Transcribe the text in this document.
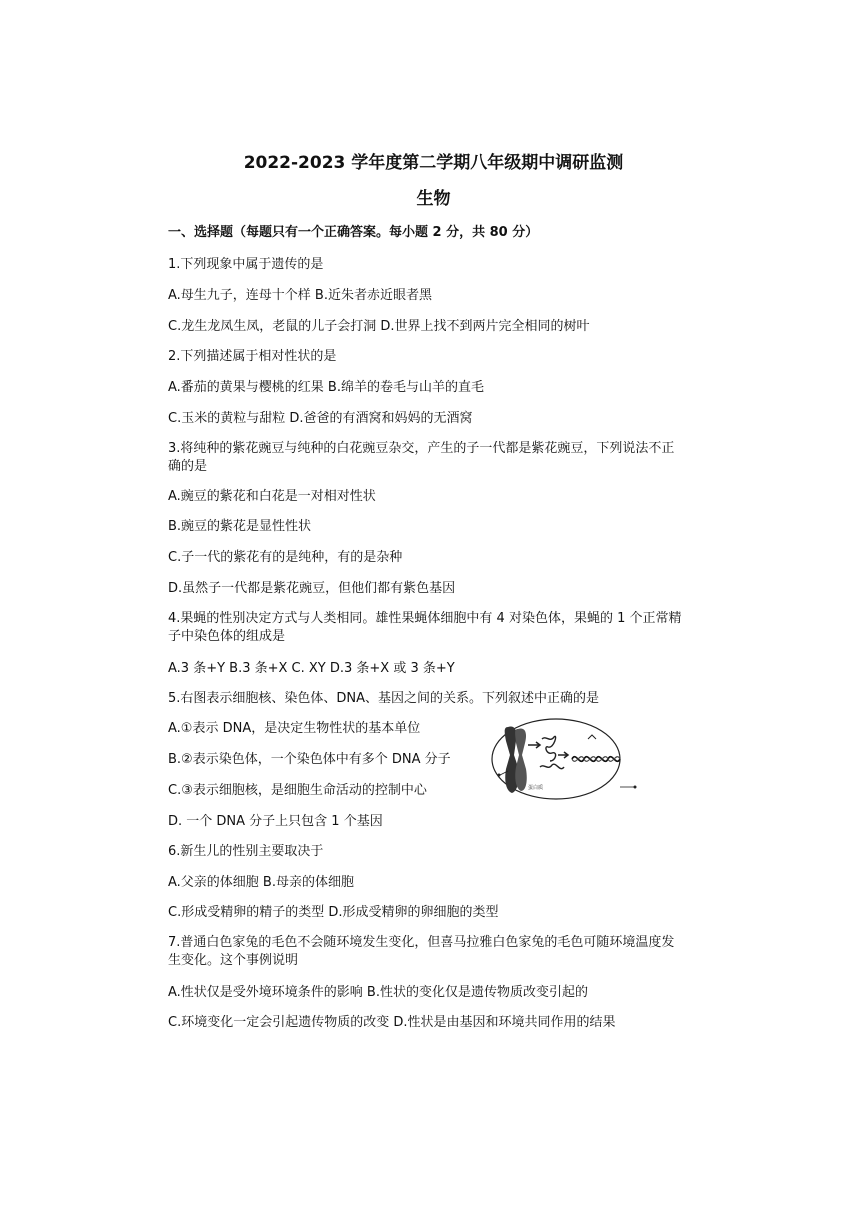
2022-2023 学年度第二学期八年级期中调研监测
生物
一、选择题（每题只有一个正确答案。每小题 2 分，共 80 分）
1.下列现象中属于遗传的是
A.母生九子，连母十个样 B.近朱者赤近眼者黑
C.龙生龙凤生凤，老鼠的儿子会打洞 D.世界上找不到两片完全相同的树叶
2.下列描述属于相对性状的是
A.番茄的黄果与樱桃的红果 B.绵羊的卷毛与山羊的直毛
C.玉米的黄粒与甜粒 D.爸爸的有酒窝和妈妈的无酒窝
3.将纯种的紫花豌豆与纯种的白花豌豆杂交，产生的子一代都是紫花豌豆，下列说法不正
确的是
A.豌豆的紫花和白花是一对相对性状
B.豌豆的紫花是显性性状
C.子一代的紫花有的是纯种，有的是杂种
D.虽然子一代都是紫花豌豆，但他们都有紫色基因
4.果蝇的性别决定方式与人类相同。雄性果蝇体细胞中有 4 对染色体，果蝇的 1 个正常精
子中染色体的组成是
A.3 条+Y B.3 条+X C. XY D.3 条+X 或 3 条+Y
5.右图表示细胞核、染色体、DNA、基因之间的关系。下列叙述中正确的是
A.①表示 DNA，是决定生物性状的基本单位
B.②表示染色体，一个染色体中有多个 DNA 分子
C.③表示细胞核，是细胞生命活动的控制中心
D. 一个 DNA 分子上只包含 1 个基因
6.新生儿的性别主要取决于
A.父亲的体细胞 B.母亲的体细胞
C.形成受精卵的精子的类型 D.形成受精卵的卵细胞的类型
7.普通白色家兔的毛色不会随环境发生变化，但喜马拉雅白色家兔的毛色可随环境温度发
生变化。这个事例说明
A.性状仅是受外境环境条件的影响 B.性状的变化仅是遗传物质改变引起的
C.环境变化一定会引起遗传物质的改变 D.性状是由基因和环境共同作用的结果
蛋白质
